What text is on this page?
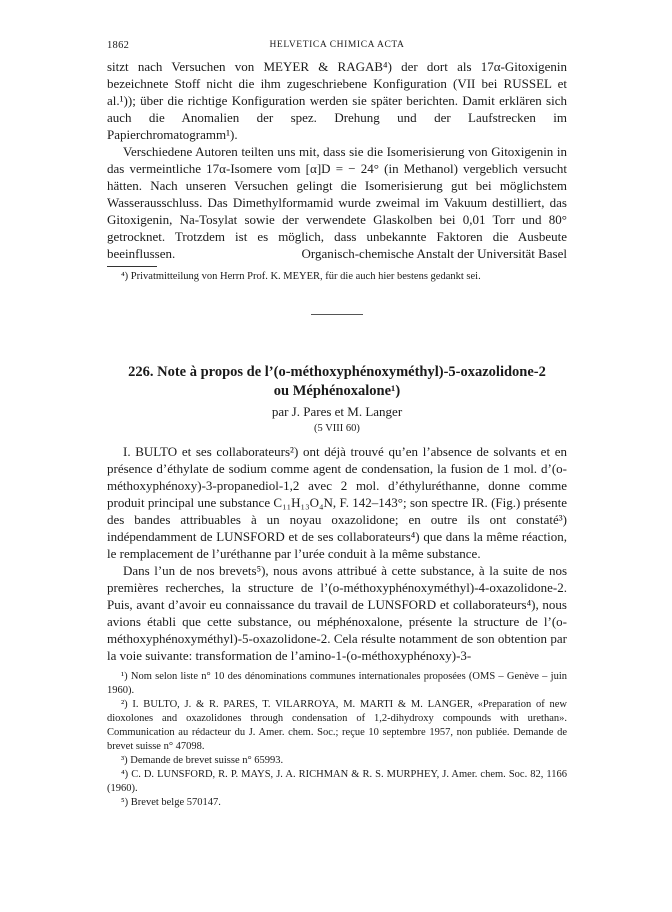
1862	HELVETICA CHIMICA ACTA

sitzt nach Versuchen von MEYER & RAGAB⁴) der dort als 17α-Gitoxigenin bezeichnete Stoff nicht die ihm zugeschriebene Konfiguration (VII bei RUSSEL et al.¹)); über die richtige Konfiguration werden sie später berichten. Damit erklären sich auch die Anomalien der spez. Drehung und der Laufstrecken im Papierchromatogramm¹).

Verschiedene Autoren teilten uns mit, dass sie die Isomerisierung von Gitoxigenin in das vermeintliche 17α-Isomere vom [α]D = − 24° (in Methanol) vergeblich versucht hätten. Nach unseren Versuchen gelingt die Isomerisierung gut bei möglichstem Wasserausschluss. Das Dimethylformamid wurde zweimal im Vakuum destilliert, das Gitoxigenin, Na-Tosylat sowie der verwendete Glaskolben bei 0,01 Torr und 80° getrocknet. Trotzdem ist es möglich, dass unbekannte Faktoren die Ausbeute beeinflussen.	Organisch-chemische Anstalt der Universität Basel

⁴) Privatmitteilung von Herrn Prof. K. MEYER, für die auch hier bestens gedankt sei.

226. Note à propos de l’(o-méthoxyphénoxyméthyl)-5-oxazolidone-2
ou Méphénoxalone¹)
par J. Pares et M. Langer
(5 VIII 60)

I. BULTO et ses collaborateurs²) ont déjà trouvé qu’en l’absence de solvants et en présence d’éthylate de sodium comme agent de condensation, la fusion de 1 mol. d’(o-méthoxyphénoxy)-3-propanediol-1,2 avec 2 mol. d’éthyluréthanne, donne comme produit principal une substance C₁₁H₁₃O₄N, F. 142–143°; son spectre IR. (Fig.) présente des bandes attribuables à un noyau oxazolidone; en outre ils ont constaté³) indépendamment de LUNSFORD et de ses collaborateurs⁴) que dans la même réaction, le remplacement de l’uréthanne par l’urée conduit à la même substance.

Dans l’un de nos brevets⁵), nous avons attribué à cette substance, à la suite de nos premières recherches, la structure de l’(o-méthoxyphénoxyméthyl)-4-oxazolidone-2. Puis, avant d’avoir eu connaissance du travail de LUNSFORD et collaborateurs⁴), nous avions établi que cette substance, ou méphénoxalone, présente la structure de l’(o-méthoxyphénoxyméthyl)-5-oxazolidone-2. Cela résulte notamment de son obtention par la voie suivante: transformation de l’amino-1-(o-méthoxyphénoxy)-3-

¹) Nom selon liste n° 10 des dénominations communes internationales proposées (OMS – Genève – juin 1960).

²) I. BULTO, J. & R. PARES, T. VILARROYA, M. MARTI & M. LANGER, «Preparation of new dioxolones and oxazolidones through condensation of 1,2-dihydroxy compounds with urethan». Communication au rédacteur du J. Amer. chem. Soc.; reçue 10 septembre 1957, non publiée. Demande de brevet suisse n° 47098.

³) Demande de brevet suisse n° 65993.

⁴) C. D. LUNSFORD, R. P. MAYS, J. A. RICHMAN & R. S. MURPHEY, J. Amer. chem. Soc. 82, 1166 (1960).

⁵) Brevet belge 570147.
